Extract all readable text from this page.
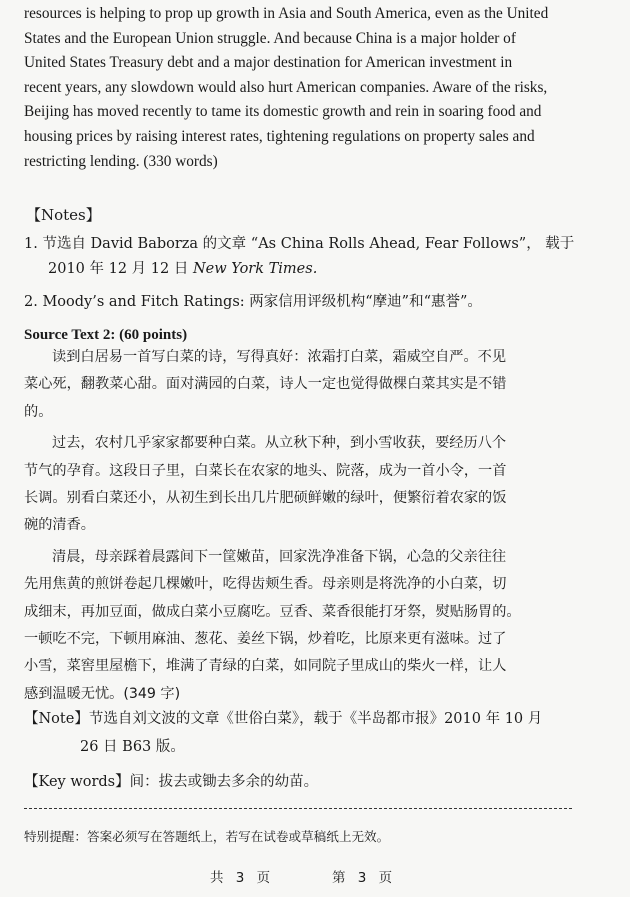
resources is helping to prop up growth in Asia and South America, even as the United
States and the European Union struggle. And because China is a major holder of
United States Treasury debt and a major destination for American investment in
recent years, any slowdown would also hurt American companies. Aware of the risks,
Beijing has moved recently to tame its domestic growth and rein in soaring food and
housing prices by raising interest rates, tightening regulations on property sales and
restricting lending. (330 words)
【Notes】
1. 节选自 David Baborza 的文章 “As China Rolls Ahead, Fear Follows”， 载于
2010 年 12 月 12 日 New York Times.
2. Moody’s and Fitch Ratings: 两家信用评级机构“摩迪”和“惠誉”。
Source Text 2: (60 points)
读到白居易一首写白菜的诗，写得真好：浓霜打白菜，霜威空自严。不见
菜心死，翻教菜心甜。面对满园的白菜，诗人一定也觉得做棵白菜其实是不错
的。
过去，农村几乎家家都要种白菜。从立秋下种，到小雪收获，要经历八个
节气的孕育。这段日子里，白菜长在农家的地头、院落，成为一首小令，一首
长调。别看白菜还小，从初生到长出几片肥硕鲜嫩的绿叶，便繁衍着农家的饭
碗的清香。
清晨，母亲踩着晨露间下一筐嫩苗，回家洗净准备下锅，心急的父亲往往
先用焦黄的煎饼卷起几棵嫩叶，吃得齿颊生香。母亲则是将洗净的小白菜，切
成细末，再加豆面，做成白菜小豆腐吃。豆香、菜香很能打牙祭，熨贴肠胃的。
一顿吃不完，下顿用麻油、葱花、姜丝下锅，炒着吃，比原来更有滋味。过了
小雪，菜窖里屋檐下，堆满了青绿的白菜，如同院子里成山的柴火一样，让人
感到温暖无忧。(349 字)
【Note】节选自刘文波的文章《世俗白菜》，载于《半岛都市报》2010 年 10 月
26 日 B63 版。
【Key words】间：拔去或锄去多余的幼苗。
特别提醒：答案必须写在答题纸上，若写在试卷或草稿纸上无效。
共 3 页	第 3 页
